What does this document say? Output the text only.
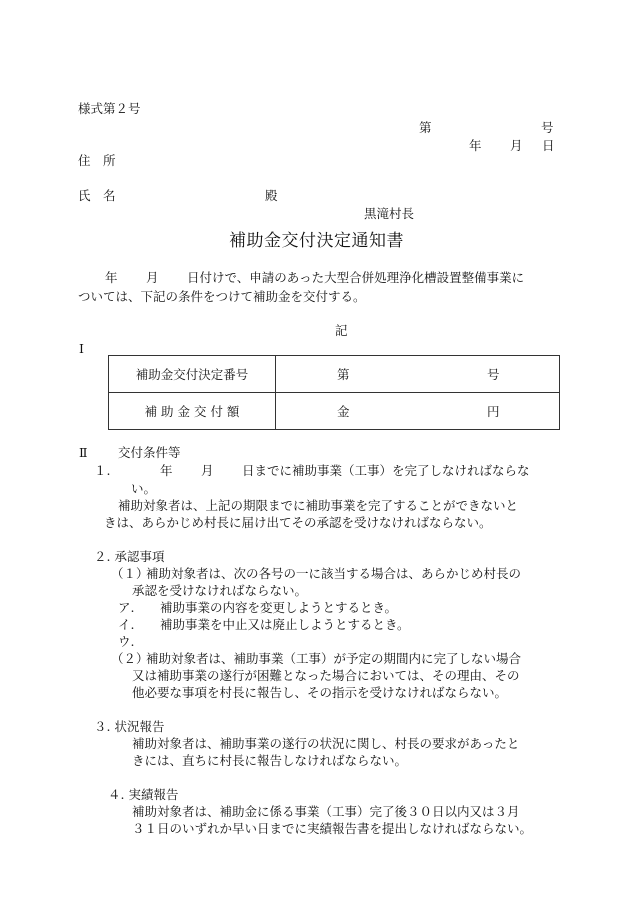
様式第２号
第	号
年 月 日
住　所
氏　名	殿
黒滝村長
補助金交付決定通知書
年 月 日付けで、申請のあった大型合併処理浄化槽設置整備事業に
ついては、下記の条件をつけて補助金を交付する。
記
Ⅰ
補助金交付決定番号	第 号

補 助 金 交 付 額	金 円
Ⅱ 交付条件等
１.	年 月 日までに補助事業（工事）を完了しなければならな
い。
補助対象者は、上記の期限までに補助事業を完了することができないと
きは、あらかじめ村長に届け出てその承認を受けなければならない。
２. 承認事項
（１）
補助対象者は、次の各号の一に該当する場合は、あらかじめ村長の
承認を受けなければならない。
ア. 補助事業の内容を変更しようとするとき。
イ. 補助事業を中止又は廃止しようとするとき。
ウ.
（２）
補助対象者は、補助事業（工事）が予定の期間内に完了しない場合
又は補助事業の遂行が困難となった場合においては、その理由、その
他必要な事項を村長に報告し、その指示を受けなければならない。
３. 状況報告
補助対象者は、補助事業の遂行の状況に関し、村長の要求があったと
きには、直ちに村長に報告しなければならない。
４. 実績報告
補助対象者は、補助金に係る事業（工事）完了後３０日以内又は３月
３１日のいずれか早い日までに実績報告書を提出しなければならない。
